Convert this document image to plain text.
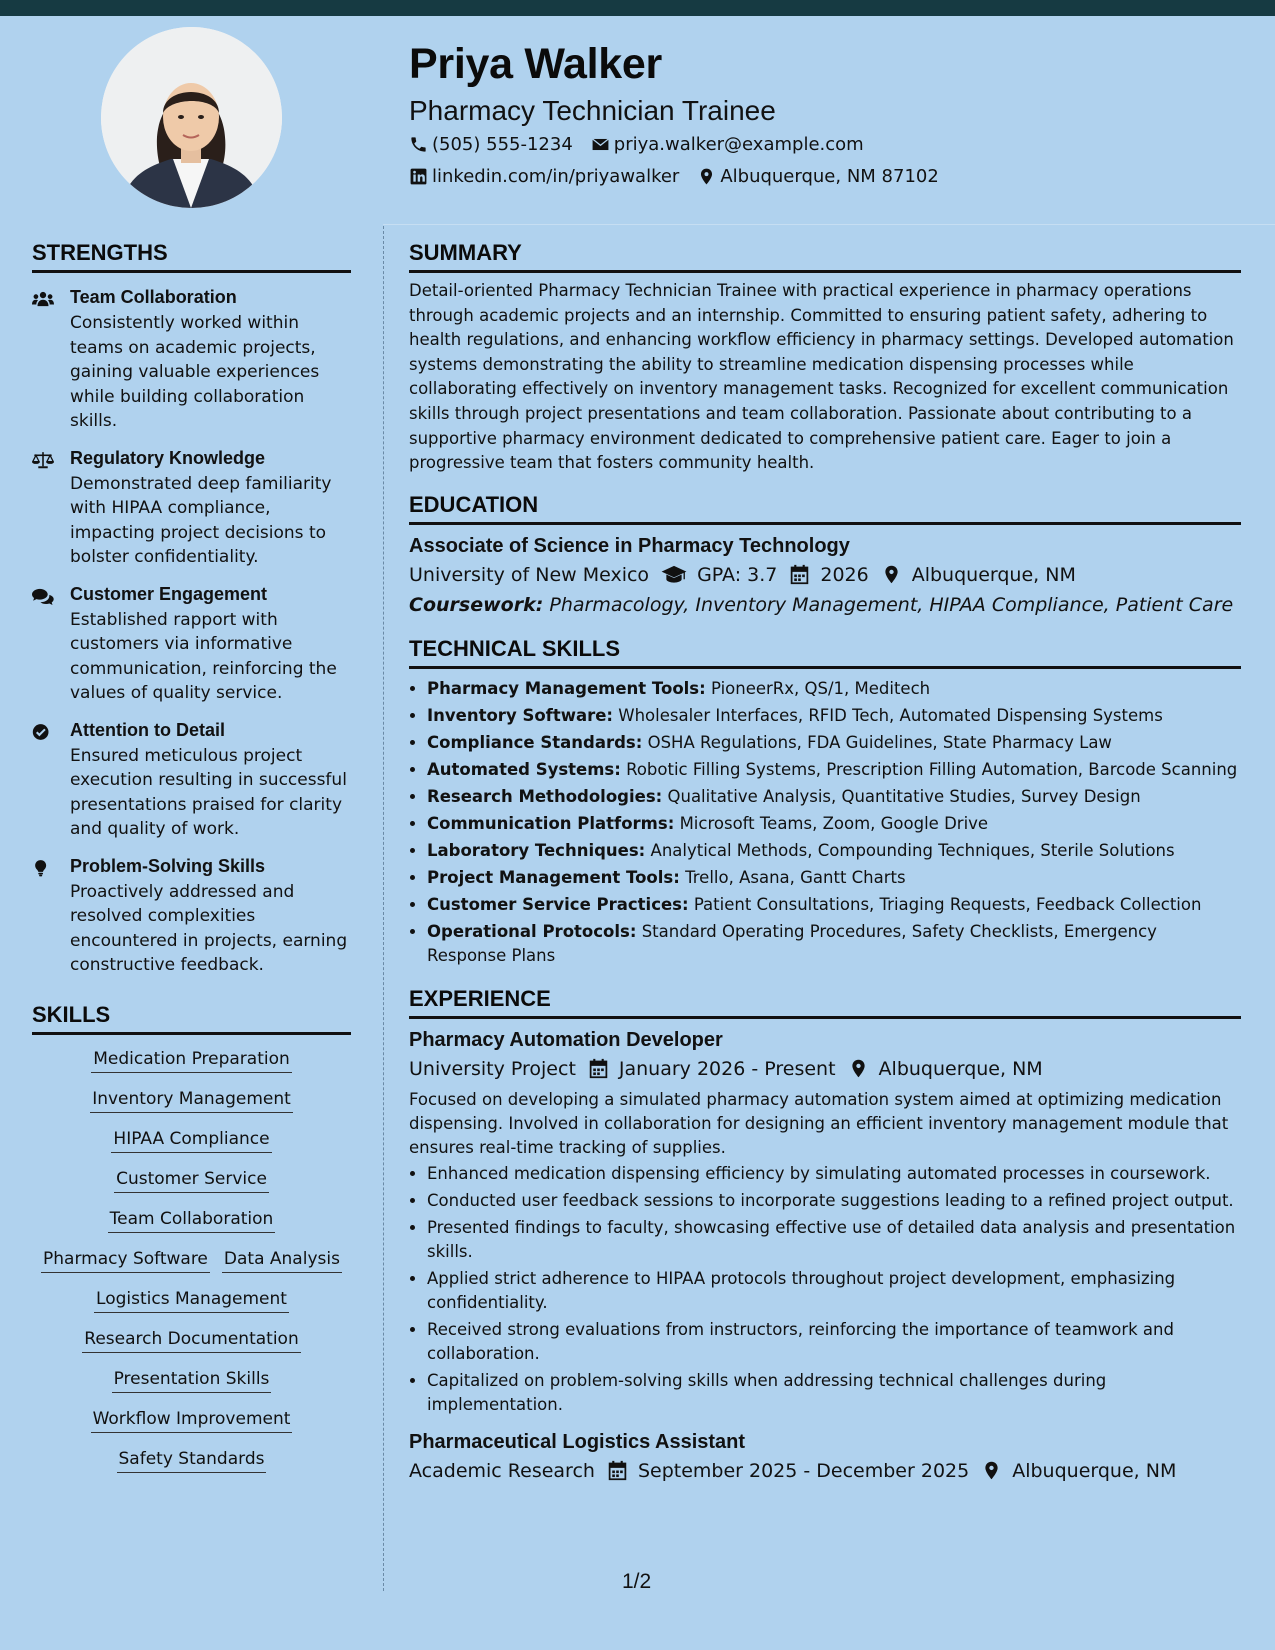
Priya Walker
Pharmacy Technician Trainee
(505) 555-1234 priya.walker@example.com
linkedin.com/in/priyawalker Albuquerque, NM 87102
STRENGTHS
Team Collaboration
Consistently worked within teams on academic projects, gaining valuable experiences while building collaboration skills.
Regulatory Knowledge
Demonstrated deep familiarity with HIPAA compliance, impacting project decisions to bolster confidentiality.
Customer Engagement
Established rapport with customers via informative communication, reinforcing the values of quality service.
Attention to Detail
Ensured meticulous project execution resulting in successful presentations praised for clarity and quality of work.
Problem-Solving Skills
Proactively addressed and resolved complexities encountered in projects, earning constructive feedback.
SKILLS
Medication Preparation
Inventory Management
HIPAA Compliance
Customer Service
Team Collaboration
Pharmacy Software Data Analysis
Logistics Management
Research Documentation
Presentation Skills
Workflow Improvement
Safety Standards
SUMMARY

Detail-oriented Pharmacy Technician Trainee with practical experience in pharmacy operations through academic projects and an internship. Committed to ensuring patient safety, adhering to health regulations, and enhancing workflow efficiency in pharmacy settings. Developed automation systems demonstrating the ability to streamline medication dispensing processes while collaborating effectively on inventory management tasks. Recognized for excellent communication skills through project presentations and team collaboration. Passionate about contributing to a supportive pharmacy environment dedicated to comprehensive patient care. Eager to join a progressive team that fosters community health.

EDUCATION
Associate of Science in Pharmacy Technology
University of New Mexico	GPA: 3.7 2026 Albuquerque, NM
Coursework: Pharmacology, Inventory Management, HIPAA Compliance, Patient Care
TECHNICAL SKILLS
• Pharmacy Management Tools: PioneerRx, QS/1, Meditech
• Inventory Software: Wholesaler Interfaces, RFID Tech, Automated Dispensing Systems
• Compliance Standards: OSHA Regulations, FDA Guidelines, State Pharmacy Law
• Automated Systems: Robotic Filling Systems, Prescription Filling Automation, Barcode Scanning
• Research Methodologies: Qualitative Analysis, Quantitative Studies, Survey Design
• Communication Platforms: Microsoft Teams, Zoom, Google Drive
• Laboratory Techniques: Analytical Methods, Compounding Techniques, Sterile Solutions
• Project Management Tools: Trello, Asana, Gantt Charts
• Customer Service Practices: Patient Consultations, Triaging Requests, Feedback Collection
• Operational Protocols: Standard Operating Procedures, Safety Checklists, Emergency Response Plans
EXPERIENCE
Pharmacy Automation Developer
University Project January 2026 - Present Albuquerque, NM

Focused on developing a simulated pharmacy automation system aimed at optimizing medication dispensing. Involved in collaboration for designing an efficient inventory management module that ensures real-time tracking of supplies.

• Enhanced medication dispensing efficiency by simulating automated processes in coursework.
• Conducted user feedback sessions to incorporate suggestions leading to a refined project output.
• Presented findings to faculty, showcasing effective use of detailed data analysis and presentation skills.
• Applied strict adherence to HIPAA protocols throughout project development, emphasizing confidentiality.
• Received strong evaluations from instructors, reinforcing the importance of teamwork and collaboration.
• Capitalized on problem-solving skills when addressing technical challenges during implementation.
Pharmaceutical Logistics Assistant
Academic Research September 2025 - December 2025 Albuquerque, NM
1/2
